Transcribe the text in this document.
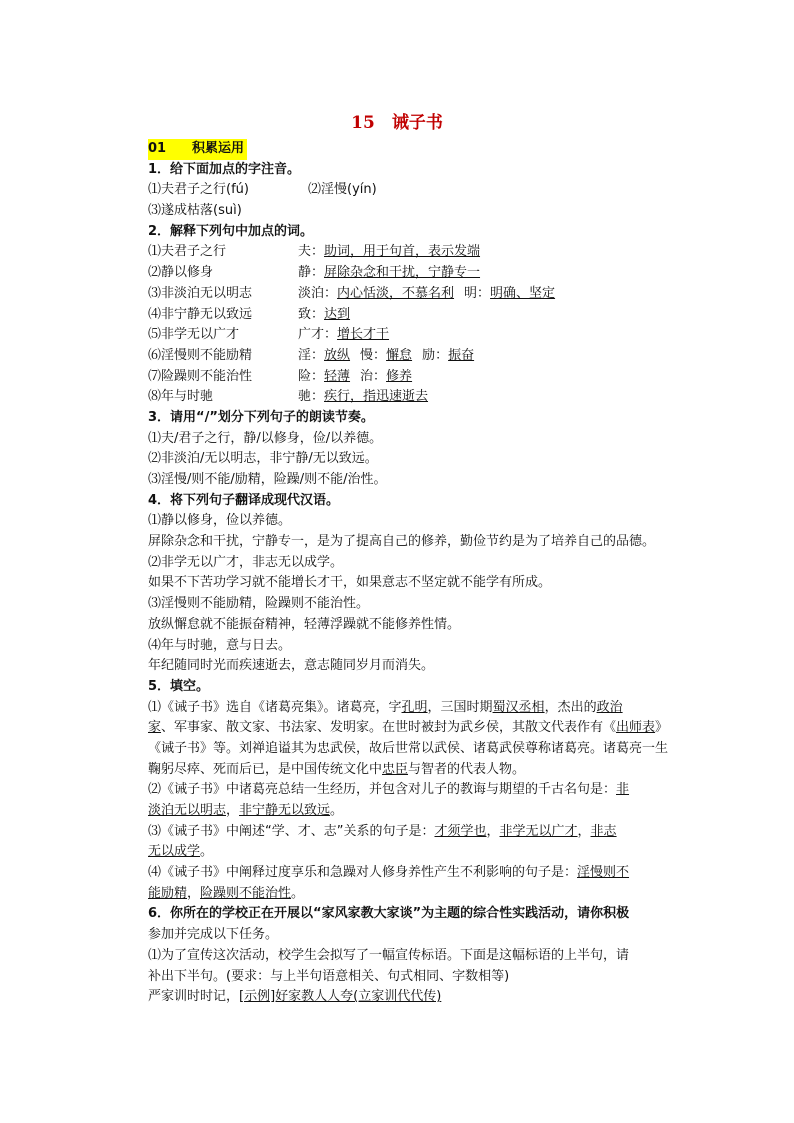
15　诫子书
01 积累运用
1．给下面加点的字注音。
⑴夫君子之行(fú)	⑵淫慢(yín)
⑶遂成枯落(suì)
2．解释下列句中加点的词。
⑴夫君子之行	夫：助词，用于句首，表示发端
⑵静以修身	静：屏除杂念和干扰，宁静专一
⑶非淡泊无以明志	淡泊：内心恬淡，不慕名利 明：明确、坚定
⑷非宁静无以致远	致：达到
⑸非学无以广才	广才：增长才干
⑹淫慢则不能励精	淫：放纵 慢：懈怠 励：振奋
⑺险躁则不能治性	险：轻薄 治：修养
⑻年与时驰	驰：疾行，指迅速逝去
3．请用“/”划分下列句子的朗读节奏。
⑴夫/君子之行，静/以修身，俭/以养德。
⑵非淡泊/无以明志，非宁静/无以致远。
⑶淫慢/则不能/励精，险躁/则不能/治性。
4．将下列句子翻译成现代汉语。
⑴静以修身，俭以养德。
屏除杂念和干扰，宁静专一，是为了提高自己的修养，勤俭节约是为了培养自己的品德。
⑵非学无以广才，非志无以成学。
如果不下苦功学习就不能增长才干，如果意志不坚定就不能学有所成。
⑶淫慢则不能励精，险躁则不能治性。
放纵懈怠就不能振奋精神，轻薄浮躁就不能修养性情。
⑷年与时驰，意与日去。
年纪随同时光而疾速逝去，意志随同岁月而消失。
5．填空。
⑴《诫子书》选自《诸葛亮集》。诸葛亮，字孔明，三国时期蜀汉丞相，杰出的政治
家、军事家、散文家、书法家、发明家。在世时被封为武乡侯，其散文代表作有《出师表》
《诫子书》等。刘禅追谥其为忠武侯，故后世常以武侯、诸葛武侯尊称诸葛亮。诸葛亮一生
鞠躬尽瘁、死而后已，是中国传统文化中忠臣与智者的代表人物。
⑵《诫子书》中诸葛亮总结一生经历，并包含对儿子的教诲与期望的千古名句是：非
淡泊无以明志，非宁静无以致远。
⑶《诫子书》中阐述“学、才、志”关系的句子是：才须学也，非学无以广才，非志
无以成学。
⑷《诫子书》中阐释过度享乐和急躁对人修身养性产生不利影响的句子是：淫慢则不
能励精，险躁则不能治性。
6．你所在的学校正在开展以“家风家教大家谈”为主题的综合性实践活动，请你积极
参加并完成以下任务。
⑴为了宣传这次活动，校学生会拟写了一幅宣传标语。下面是这幅标语的上半句，请
补出下半句。(要求：与上半句语意相关、句式相同、字数相等)
严家训时时记，[示例]好家教人人夸(立家训代代传)
